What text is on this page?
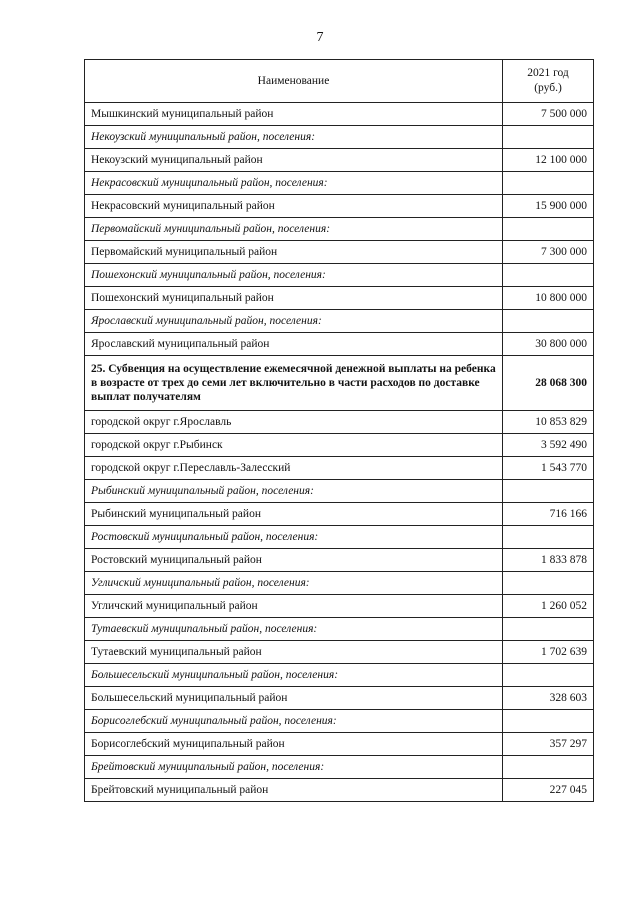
7
Наименование	2021 год
(руб.)
Мышкинский муниципальный район	7 500 000
Некоузский муниципальный район, поселения:	
Некоузский муниципальный район	12 100 000
Некрасовский муниципальный район, поселения:	
Некрасовский муниципальный район	15 900 000
Первомайский муниципальный район, поселения:	
Первомайский муниципальный район	7 300 000
Пошехонский муниципальный район, поселения:	
Пошехонский муниципальный район	10 800 000
Ярославский муниципальный район, поселения:	
Ярославский муниципальный район	30 800 000
25. Субвенция на осуществление ежемесячной денежной выплаты на ребенка в возрасте от трех до семи лет включительно в части расходов по доставке выплат получателям	28 068 300
городской округ г.Ярославль	10 853 829
городской округ г.Рыбинск	3 592 490
городской округ г.Переславль-Залесский	1 543 770
Рыбинский муниципальный район, поселения:	
Рыбинский муниципальный район	716 166
Ростовский муниципальный район, поселения:	
Ростовский муниципальный район	1 833 878
Угличский муниципальный район, поселения:	
Угличский муниципальный район	1 260 052
Тутаевский муниципальный район, поселения:	
Тутаевский муниципальный район	1 702 639
Большесельский муниципальный район, поселения:	
Большесельский муниципальный район	328 603
Борисоглебский муниципальный район, поселения:	
Борисоглебский муниципальный район	357 297
Брейтовский муниципальный район, поселения:	
Брейтовский муниципальный район	227 045
